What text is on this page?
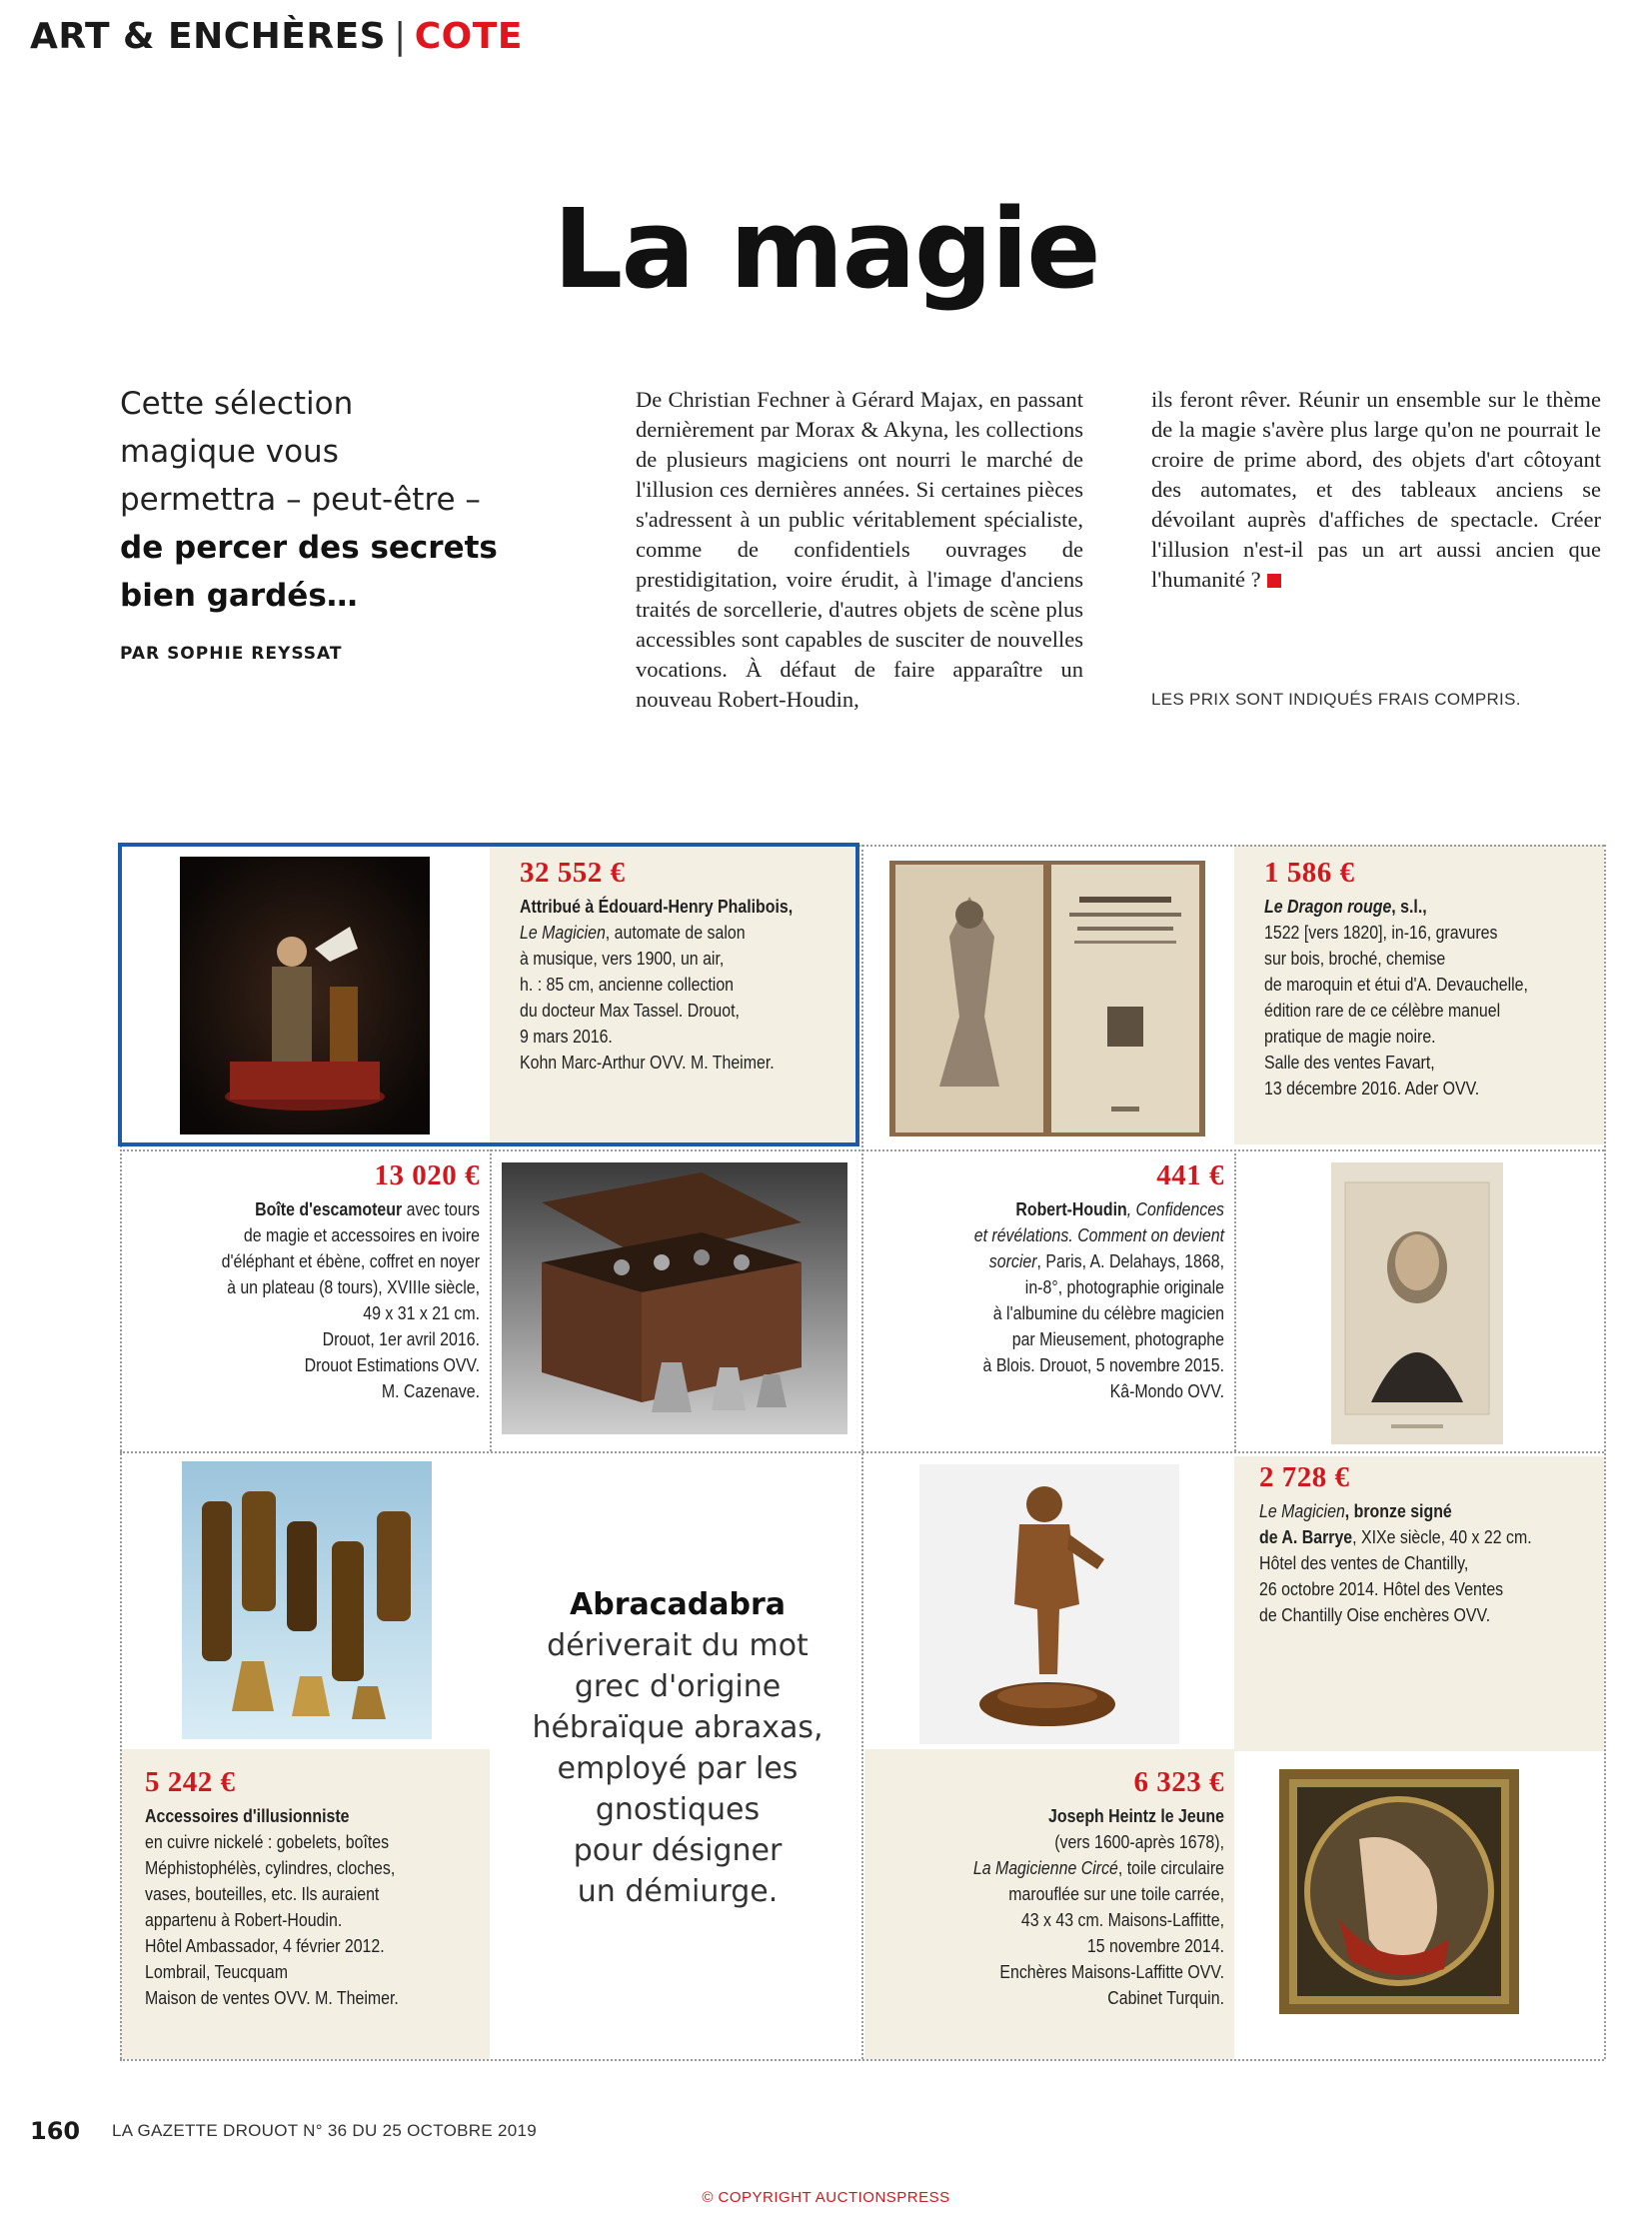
ART & ENCHÈRES | COTE
La magie
Cette sélection
magique vous
permettra – peut-être –
de percer des secrets
bien gardés…
PAR SOPHIE REYSSAT
De Christian Fechner à Gérard Majax, en passant dernièrement par Morax & Akyna, les collections de plusieurs magiciens ont nourri le marché de l'illusion ces dernières années. Si certaines pièces s'adressent à un public véritablement spécialiste, comme de confidentiels ouvrages de prestidigitation, voire érudit, à l'image d'anciens traités de sorcellerie, d'autres objets de scène plus accessibles sont capables de susciter de nouvelles vocations. À défaut de faire apparaître un nouveau Robert-Houdin,
ils feront rêver. Réunir un ensemble sur le thème de la magie s'avère plus large qu'on ne pourrait le croire de prime abord, des objets d'art côtoyant des automates, et des tableaux anciens se dévoilant auprès d'affiches de spectacle. Créer l'illusion n'est-il pas un art aussi ancien que l'humanité ?
LES PRIX SONT INDIQUÉS FRAIS COMPRIS.
32 552 €
Attribué à Édouard-Henry Phalibois,
Le Magicien, automate de salon
à musique, vers 1900, un air,
h. : 85 cm, ancienne collection
du docteur Max Tassel. Drouot,
9 mars 2016.
Kohn Marc-Arthur OVV. M. Theimer.
1 586 €
Le Dragon rouge, s.l.,
1522 [vers 1820], in-16, gravures
sur bois, broché, chemise
de maroquin et étui d'A. Devauchelle,
édition rare de ce célèbre manuel
pratique de magie noire.
Salle des ventes Favart,
13 décembre 2016. Ader OVV.
13 020 €
Boîte d'escamoteur avec tours
de magie et accessoires en ivoire
d'éléphant et ébène, coffret en noyer
à un plateau (8 tours), XVIIIe siècle,
49 x 31 x 21 cm.
Drouot, 1er avril 2016.
Drouot Estimations OVV.
M. Cazenave.
441 €
Robert-Houdin, Confidences
et révélations. Comment on devient
sorcier, Paris, A. Delahays, 1868,
in-8°, photographie originale
à l'albumine du célèbre magicien
par Mieusement, photographe
à Blois. Drouot, 5 novembre 2015.
Kâ-Mondo OVV.
Abracadabra
dériverait du mot
grec d'origine
hébraïque abraxas,
employé par les
gnostiques
pour désigner
un démiurge.
2 728 €
Le Magicien, bronze signé
de A. Barrye, XIXe siècle, 40 x 22 cm.
Hôtel des ventes de Chantilly,
26 octobre 2014. Hôtel des Ventes
de Chantilly Oise enchères OVV.
5 242 €
Accessoires d'illusionniste
en cuivre nickelé : gobelets, boîtes
Méphistophélès, cylindres, cloches,
vases, bouteilles, etc. Ils auraient
appartenu à Robert-Houdin.
Hôtel Ambassador, 4 février 2012.
Lombrail, Teucquam
Maison de ventes OVV. M. Theimer.
6 323 €
Joseph Heintz le Jeune
(vers 1600-après 1678),
La Magicienne Circé, toile circulaire
marouflée sur une toile carrée,
43 x 43 cm. Maisons-Laffitte,
15 novembre 2014.
Enchères Maisons-Laffitte OVV.
Cabinet Turquin.
160 LA GAZETTE DROUOT N° 36 DU 25 OCTOBRE 2019
© COPYRIGHT AUCTIONSPRESS
